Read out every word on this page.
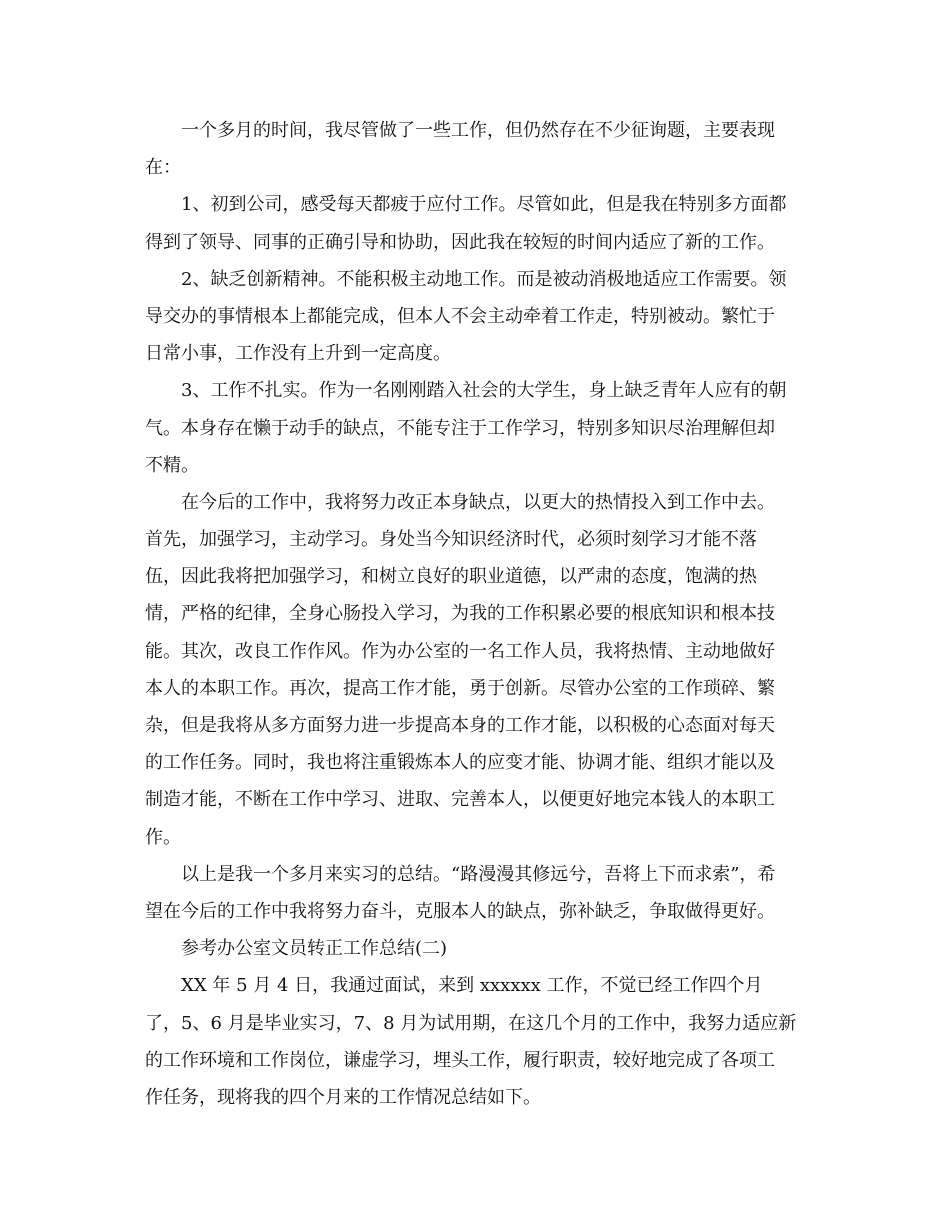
一个多月的时间，我尽管做了一些工作，但仍然存在不少征询题，主要表现
在：
1、初到公司，感受每天都疲于应付工作。尽管如此，但是我在特别多方面都
得到了领导、同事的正确引导和协助，因此我在较短的时间内适应了新的工作。
2、缺乏创新精神。不能积极主动地工作。而是被动消极地适应工作需要。领
导交办的事情根本上都能完成，但本人不会主动牵着工作走，特别被动。繁忙于
日常小事，工作没有上升到一定高度。
3、工作不扎实。作为一名刚刚踏入社会的大学生，身上缺乏青年人应有的朝
气。本身存在懒于动手的缺点，不能专注于工作学习，特别多知识尽治理解但却
不精。
在今后的工作中，我将努力改正本身缺点，以更大的热情投入到工作中去。
首先，加强学习，主动学习。身处当今知识经济时代，必须时刻学习才能不落
伍，因此我将把加强学习，和树立良好的职业道德，以严肃的态度，饱满的热
情，严格的纪律，全身心肠投入学习，为我的工作积累必要的根底知识和根本技
能。其次，改良工作作风。作为办公室的一名工作人员，我将热情、主动地做好
本人的本职工作。再次，提高工作才能，勇于创新。尽管办公室的工作琐碎、繁
杂，但是我将从多方面努力进一步提高本身的工作才能，以积极的心态面对每天
的工作任务。同时，我也将注重锻炼本人的应变才能、协调才能、组织才能以及
制造才能，不断在工作中学习、进取、完善本人，以便更好地完本钱人的本职工
作。
以上是我一个多月来实习的总结。“路漫漫其修远兮，吾将上下而求索”，希
望在今后的工作中我将努力奋斗，克服本人的缺点，弥补缺乏，争取做得更好。
参考办公室文员转正工作总结(二)
XX 年 5 月 4 日，我通过面试，来到 xxxxxx 工作，不觉已经工作四个月
了，5、6 月是毕业实习，7、8 月为试用期，在这几个月的工作中，我努力适应新
的工作环境和工作岗位，谦虚学习，埋头工作，履行职责，较好地完成了各项工
作任务，现将我的四个月来的工作情况总结如下。
